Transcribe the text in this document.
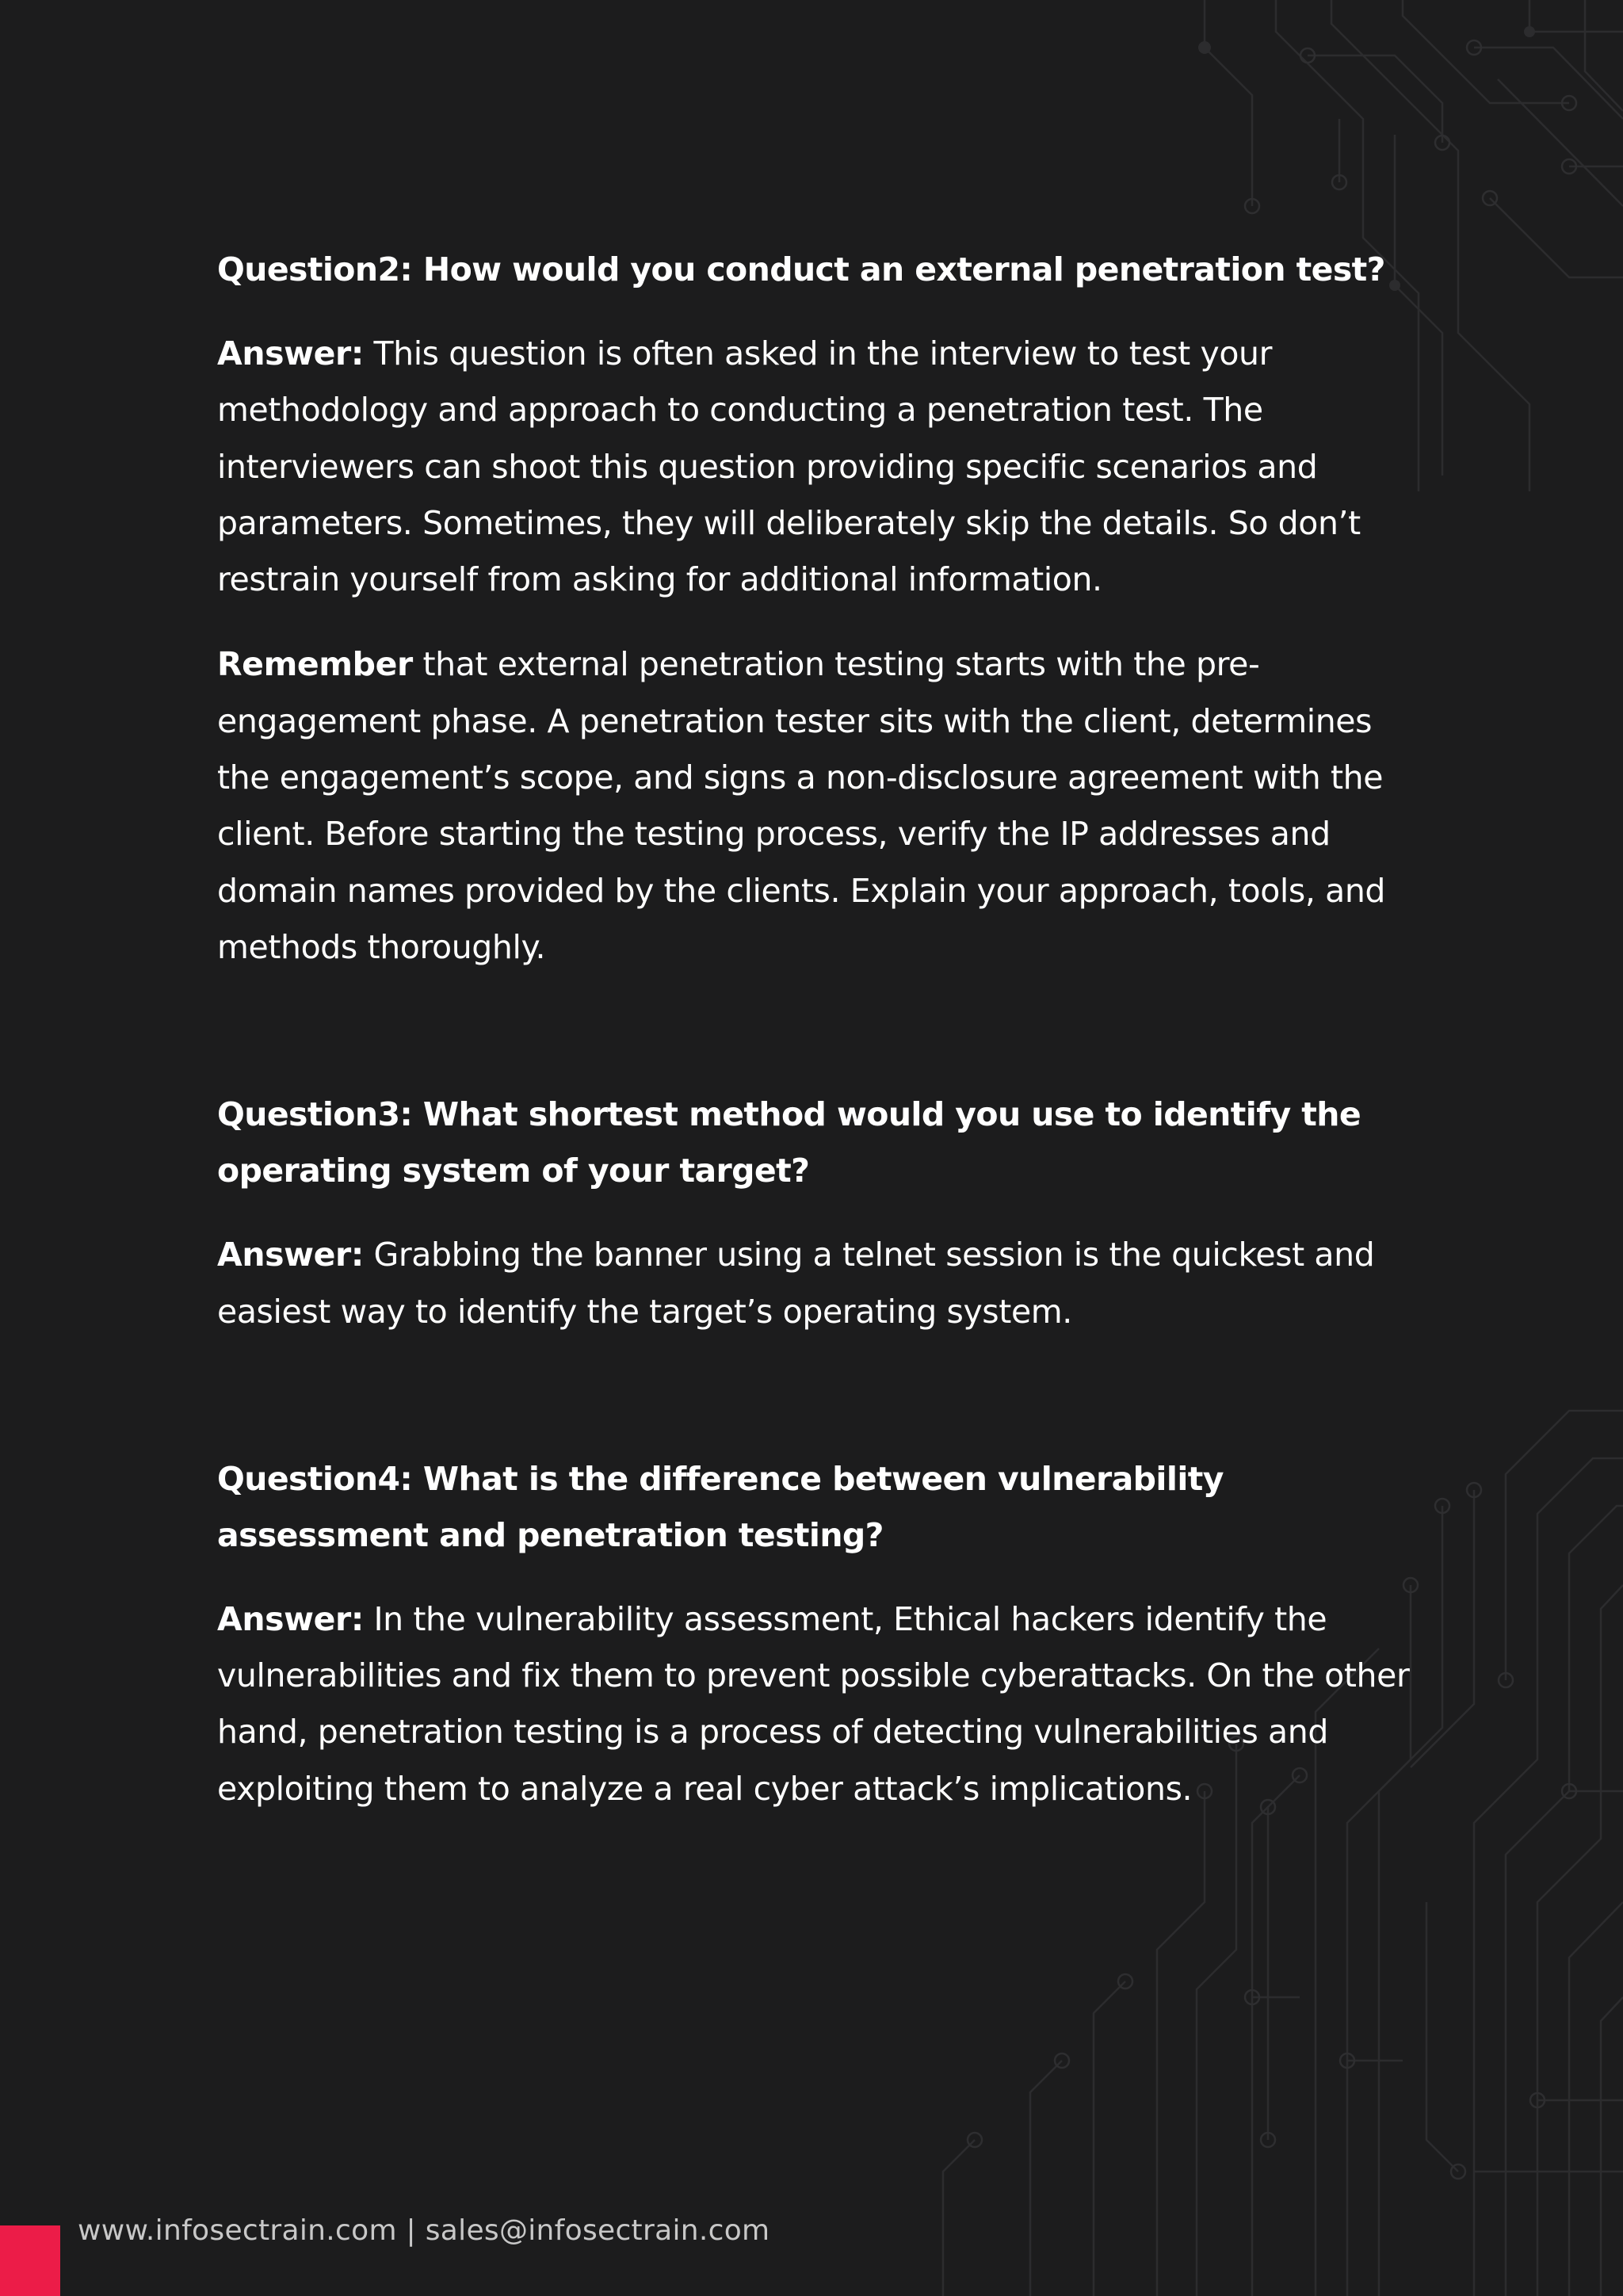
Question2: How would you conduct an external penetration test?

Answer: This question is often asked in the interview to test your methodology and approach to conducting a penetration test. The interviewers can shoot this question providing specific scenarios and parameters. Sometimes, they will deliberately skip the details. So don’t restrain yourself from asking for additional information.

Remember that external penetration testing starts with the pre-engagement phase. A penetration tester sits with the client, determines the engagement’s scope, and signs a non-disclosure agreement with the client. Before starting the testing process, verify the IP addresses and domain names provided by the clients. Explain your approach, tools, and methods thoroughly.

Question3: What shortest method would you use to identify the operating system of your target?

Answer: Grabbing the banner using a telnet session is the quickest and easiest way to identify the target’s operating system.

Question4: What is the difference between vulnerability assessment and penetration testing?

Answer: In the vulnerability assessment, Ethical hackers identify the vulnerabilities and fix them to prevent possible cyberattacks. On the other hand, penetration testing is a process of detecting vulnerabilities and exploiting them to analyze a real cyber attack’s implications.

www.infosectrain.com | sales@infosectrain.com
